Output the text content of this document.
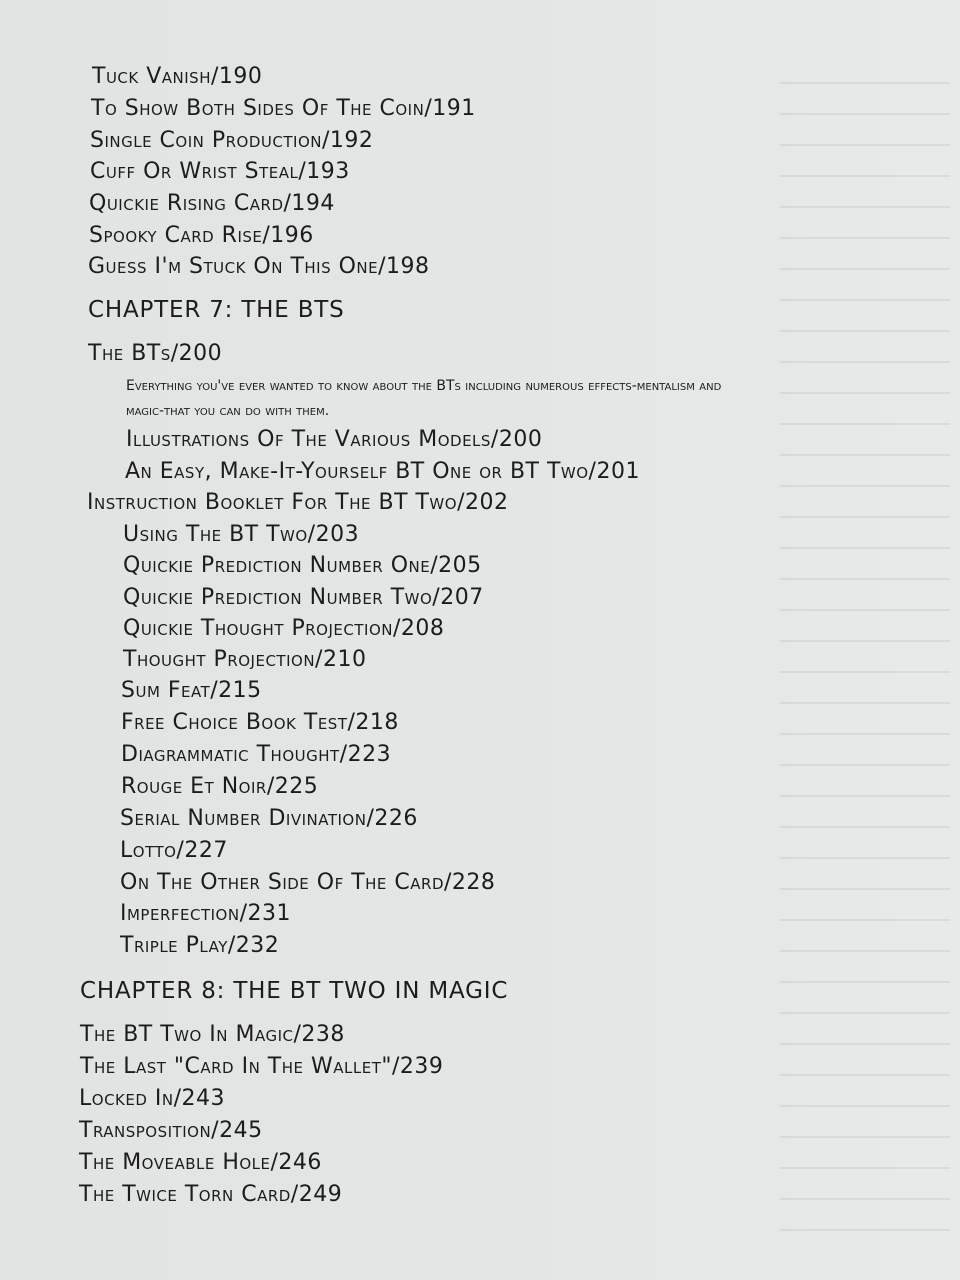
Tuck Vanish/190
To Show Both Sides Of The Coin/191
Single Coin Production/192
Cuff Or Wrist Steal/193
Quickie Rising Card/194
Spooky Card Rise/196
Guess I'm Stuck On This One/198
CHAPTER 7: THE BTS
The BTs/200
Everything you've ever wanted to know about the BTs including numerous effects-mentalism and
magic-that you can do with them.
Illustrations Of The Various Models/200
An Easy, Make-It-Yourself BT One or BT Two/201
Instruction Booklet For The BT Two/202
Using The BT Two/203
Quickie Prediction Number One/205
Quickie Prediction Number Two/207
Quickie Thought Projection/208
Thought Projection/210
Sum Feat/215
Free Choice Book Test/218
Diagrammatic Thought/223
Rouge Et Noir/225
Serial Number Divination/226
Lotto/227
On The Other Side Of The Card/228
Imperfection/231
Triple Play/232
CHAPTER 8: THE BT TWO IN MAGIC
The BT Two In Magic/238
The Last "Card In The Wallet"/239
Locked In/243
Transposition/245
The Moveable Hole/246
The Twice Torn Card/249
